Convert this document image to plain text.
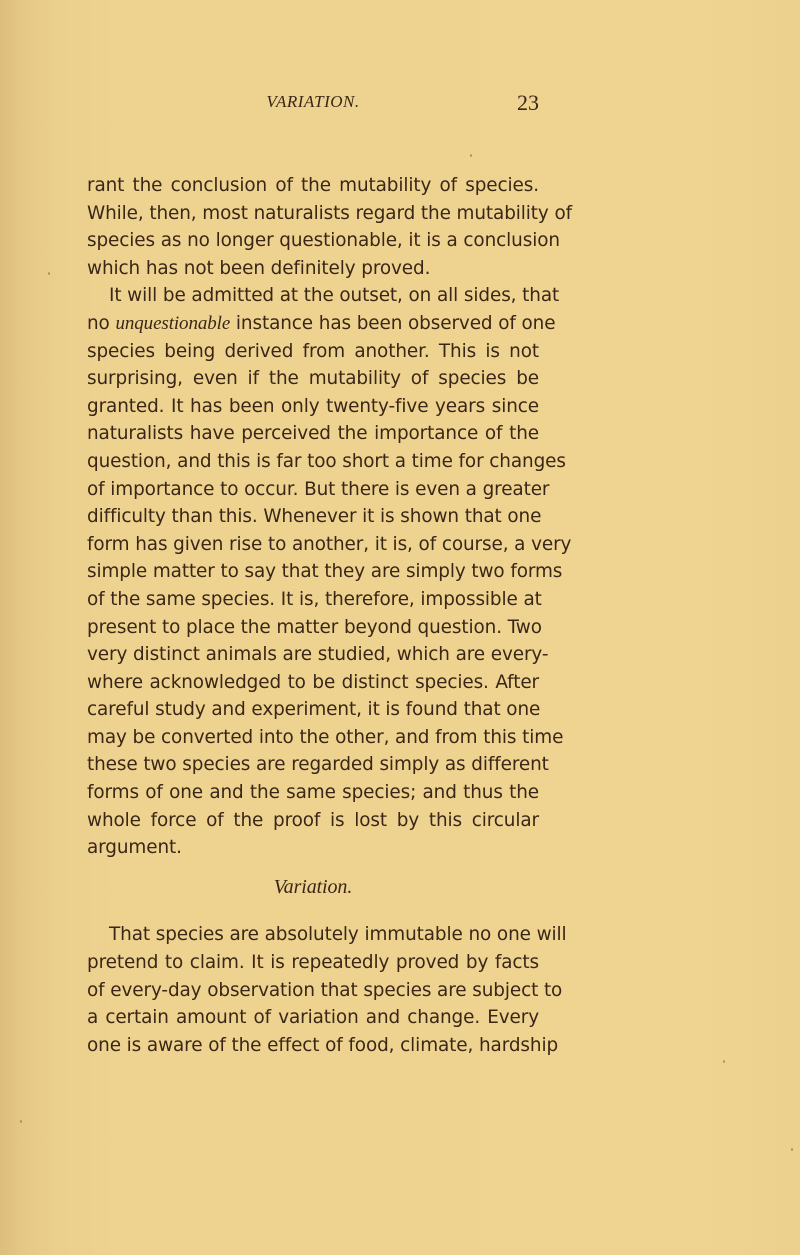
VARIATION.	23
rant the conclusion of the mutability of species.
While, then, most naturalists regard the mutability of
species as no longer questionable, it is a conclusion
which has not been definitely proved.
It will be admitted at the outset, on all sides, that
no unquestionable instance has been observed of one
species being derived from another. This is not
surprising, even if the mutability of species be
granted. It has been only twenty-five years since
naturalists have perceived the importance of the
question, and this is far too short a time for changes
of importance to occur. But there is even a greater
difficulty than this. Whenever it is shown that one
form has given rise to another, it is, of course, a very
simple matter to say that they are simply two forms
of the same species. It is, therefore, impossible at
present to place the matter beyond question. Two
very distinct animals are studied, which are every-
where acknowledged to be distinct species. After
careful study and experiment, it is found that one
may be converted into the other, and from this time
these two species are regarded simply as different
forms of one and the same species; and thus the
whole force of the proof is lost by this circular
argument.
Variation.
That species are absolutely immutable no one will
pretend to claim. It is repeatedly proved by facts
of every-day observation that species are subject to
a certain amount of variation and change. Every
one is aware of the effect of food, climate, hardship
